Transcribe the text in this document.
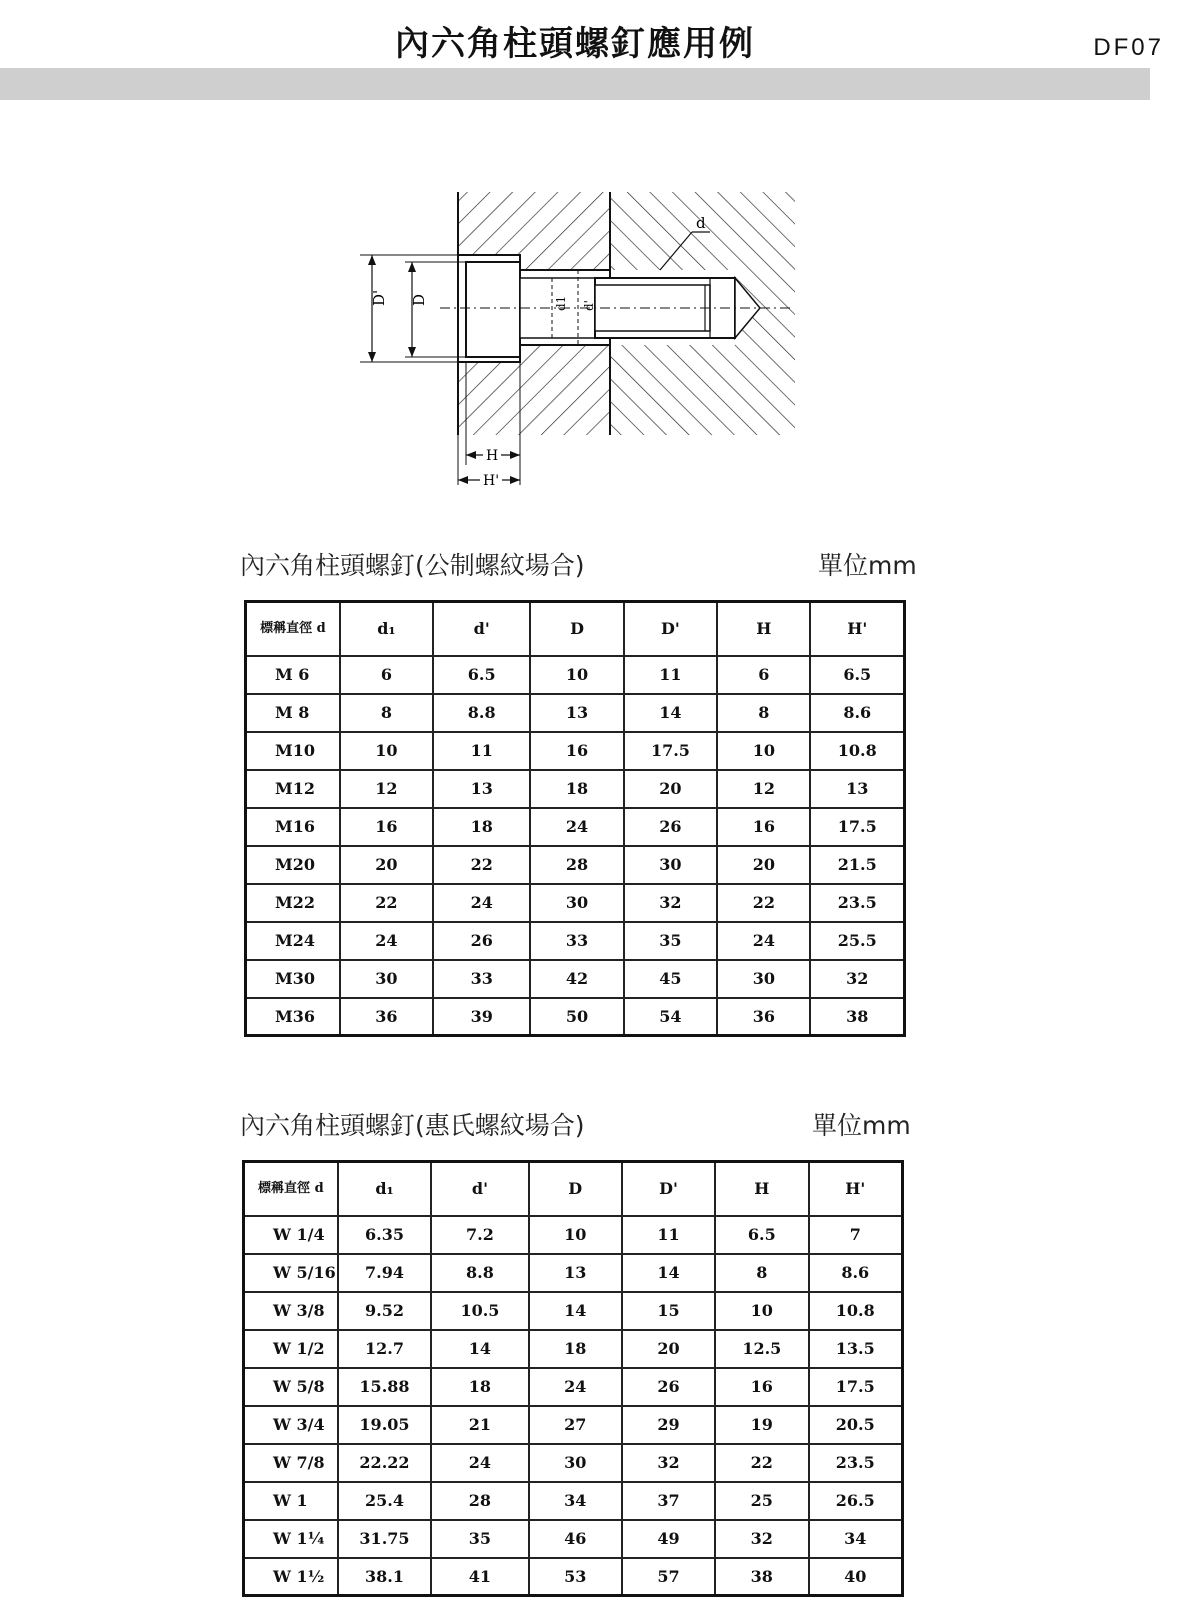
內六角柱頭螺釘應用例	DF07
d
D' D	d1 d'
H
H'
內六角柱頭螺釘(公制螺紋場合)	單位mm
標稱直徑 d	d₁	d'	D	D'	H	H'
M 6	6	6.5	10	11	6	6.5
M 8	8	8.8	13	14	8	8.6
M10	10	11	16	17.5	10	10.8
M12	12	13	18	20	12	13
M16	16	18	24	26	16	17.5
M20	20	22	28	30	20	21.5
M22	22	24	30	32	22	23.5
M24	24	26	33	35	24	25.5
M30	30	33	42	45	30	32
M36	36	39	50	54	36	38
內六角柱頭螺釘(惠氏螺紋場合)	單位mm
標稱直徑 d	d₁	d'	D	D'	H	H'
W 1/4	6.35	7.2	10	11	6.5	7
W 5/16	7.94	8.8	13	14	8	8.6
W 3/8	9.52	10.5	14	15	10	10.8
W 1/2	12.7	14	18	20	12.5	13.5
W 5/8	15.88	18	24	26	16	17.5
W 3/4	19.05	21	27	29	19	20.5
W 7/8	22.22	24	30	32	22	23.5
W 1	25.4	28	34	37	25	26.5
W 1¼	31.75	35	46	49	32	34
W 1½	38.1	41	53	57	38	40
